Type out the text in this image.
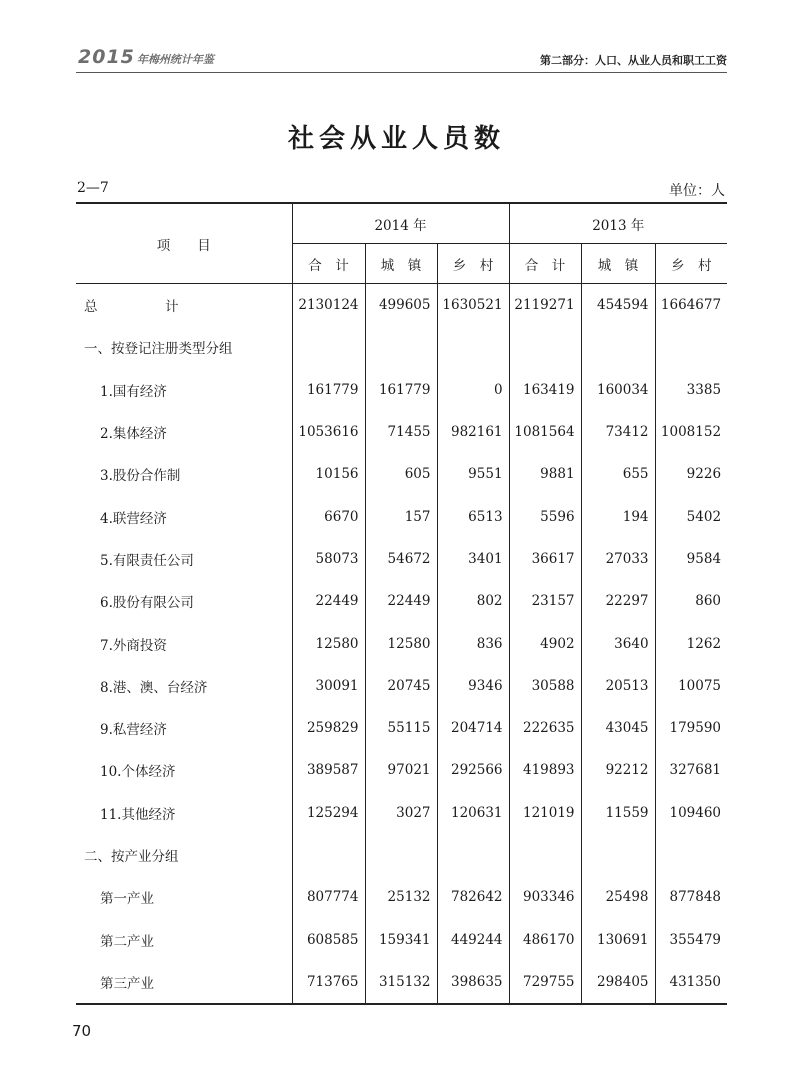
2015 年梅州统计年鉴	第二部分：人口、从业人员和职工工资
社会从业人员数
2—7	单位：人
项　　目	2014 年			2013 年		
	合　计	城　镇	乡　村	合　计	城　镇	乡　村
总　　　　　计	2130124	499605	1630521	2119271	454594	1664677
一、按登记注册类型分组						
1.国有经济	161779	161779	0	163419	160034	3385
2.集体经济	1053616	71455	982161	1081564	73412	1008152
3.股份合作制	10156	605	9551	9881	655	9226
4.联营经济	6670	157	6513	5596	194	5402
5.有限责任公司	58073	54672	3401	36617	27033	9584
6.股份有限公司	22449	22449	802	23157	22297	860
7.外商投资	12580	12580	836	4902	3640	1262
8.港、澳、台经济	30091	20745	9346	30588	20513	10075
9.私营经济	259829	55115	204714	222635	43045	179590
10.个体经济	389587	97021	292566	419893	92212	327681
11.其他经济	125294	3027	120631	121019	11559	109460
二、按产业分组						
第一产业	807774	25132	782642	903346	25498	877848
第二产业	608585	159341	449244	486170	130691	355479
第三产业	713765	315132	398635	729755	298405	431350
70
